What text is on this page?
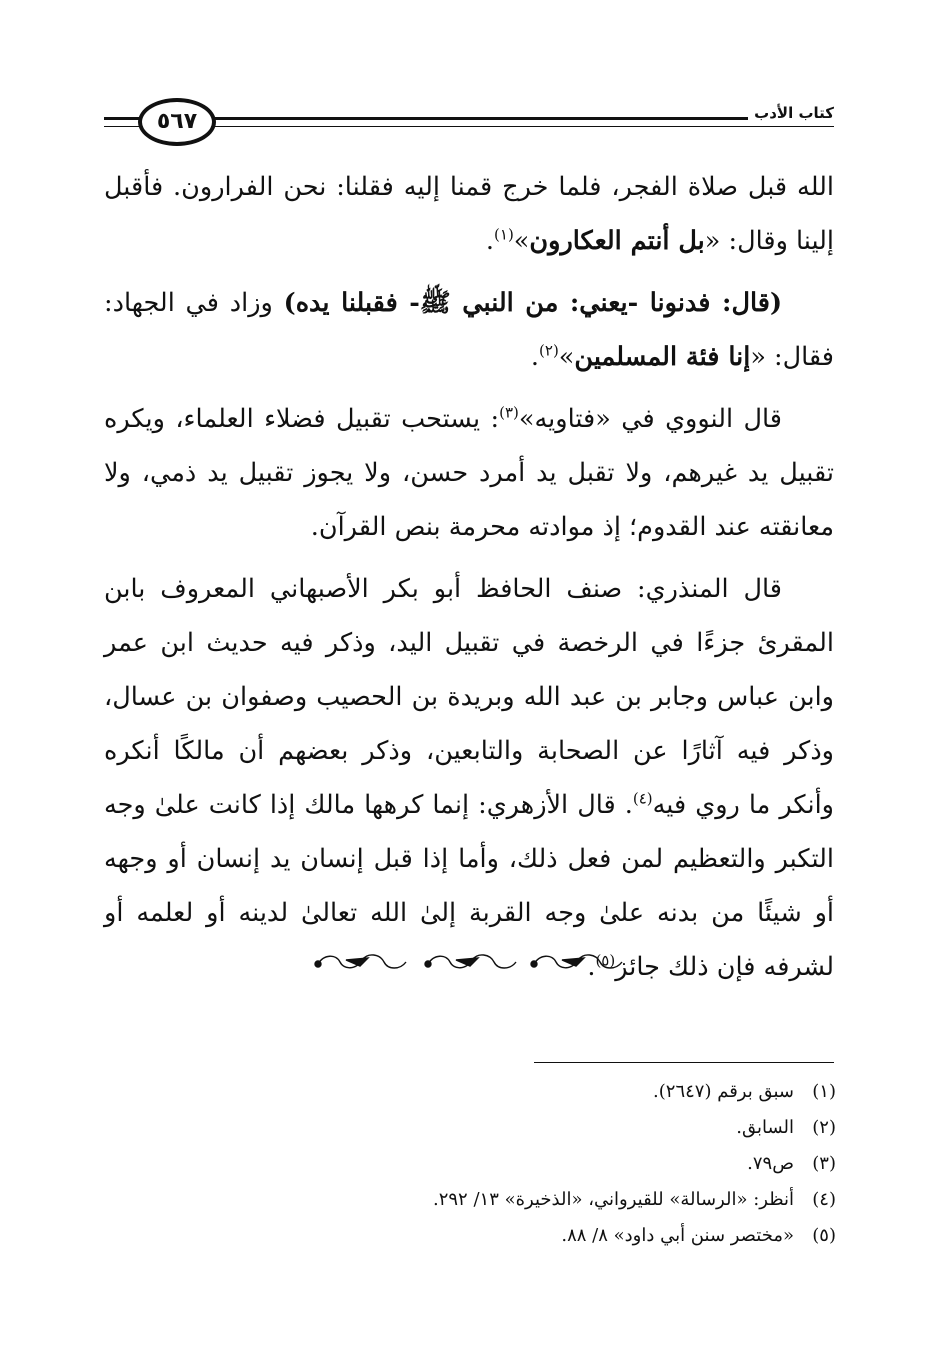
٥٦٧	كتاب الأدب

الله قبل صلاة الفجر، فلما خرج قمنا إليه فقلنا: نحن الفرارون. فأقبل إلينا وقال: «بل أنتم العكارون»$^{(١)}$.

(قال: فدنونا -يعني: من النبي ﷺ- فقبلنا يده) وزاد في الجهاد: فقال: «إنا فئة المسلمين»$^{(٢)}$.

قال النووي في «فتاويه»$^{(٣)}$: يستحب تقبيل فضلاء العلماء، ويكره تقبيل يد غيرهم، ولا تقبل يد أمرد حسن، ولا يجوز تقبيل يد ذمي، ولا معانقته عند القدوم؛ إذ موادته محرمة بنص القرآن.

قال المنذري: صنف الحافظ أبو بكر الأصبهاني المعروف بابن المقرئ جزءًا في الرخصة في تقبيل اليد، وذكر فيه حديث ابن عمر وابن عباس وجابر بن عبد الله وبريدة بن الحصيب وصفوان بن عسال، وذكر فيه آثارًا عن الصحابة والتابعين، وذكر بعضهم أن مالكًا أنكره وأنكر ما روي فيه$^{(٤)}$. قال الأزهري: إنما كرهها مالك إذا كانت علىٰ وجه التكبر والتعظيم لمن فعل ذلك، وأما إذا قبل إنسان يد إنسان أو وجهه أو شيئًا من بدنه علىٰ وجه القربة إلىٰ الله تعالىٰ لدينه أو لعلمه أو لشرفه فإن ذلك جائز$^{(٥)}$.

(١)
سبق برقم (٢٦٤٧).
(٢)
السابق.
(٣)
ص٧٩.
(٤)
أنظر: «الرسالة» للقيرواني، «الذخيرة» ١٣/ ٢٩٢.
(٥)
«مختصر سنن أبي داود» ٨/ ٨٨.
